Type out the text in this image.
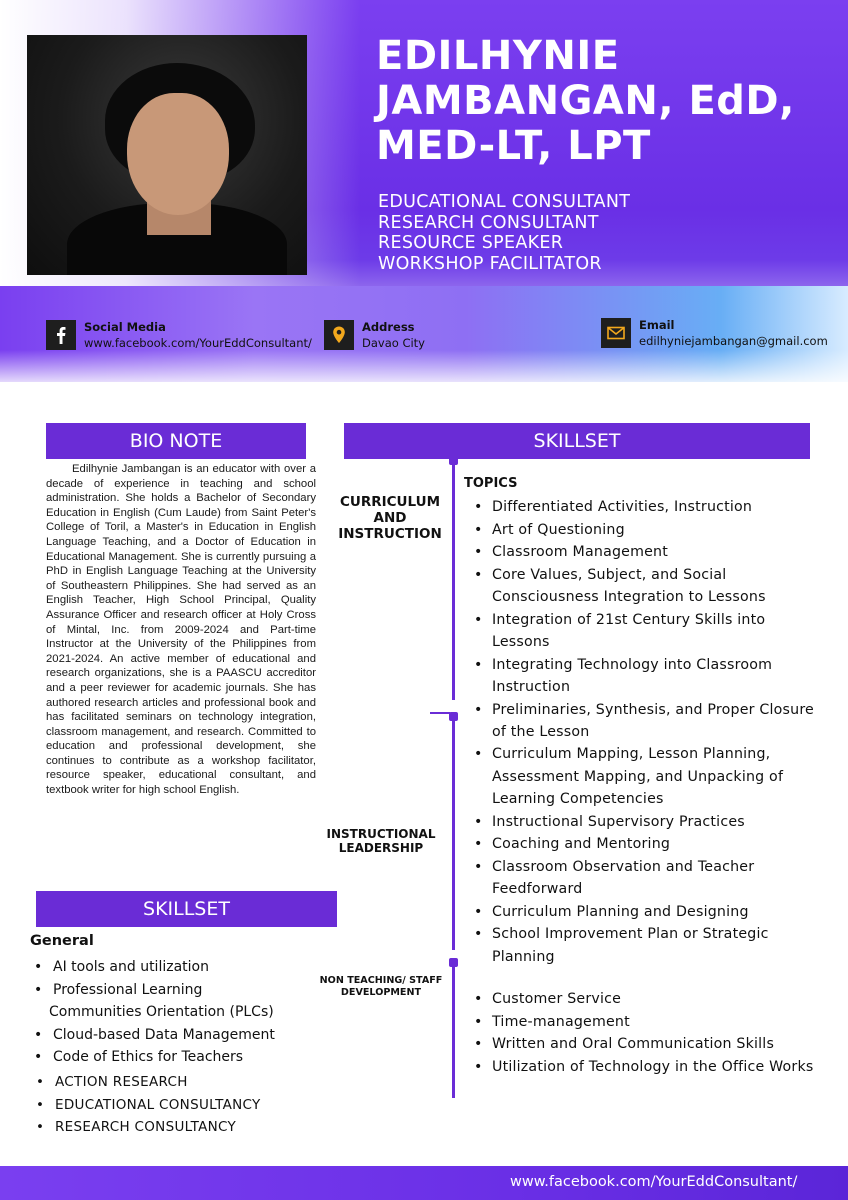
EDILHYNIE JAMBANGAN, EdD, MED-LT, LPT
EDUCATIONAL CONSULTANT
RESEARCH CONSULTANT
RESOURCE SPEAKER
WORKSHOP FACILITATOR
Social Media
www.facebook.com/YourEddConsultant/
Address
Davao City
Email
edilhyniejambangan@gmail.com
BIO NOTE
Edilhynie Jambangan is an educator with over a decade of experience in teaching and school administration. She holds a Bachelor of Secondary Education in English (Cum Laude) from Saint Peter's College of Toril, a Master's in Education in English Language Teaching, and a Doctor of Education in Educational Management. She is currently pursuing a PhD in English Language Teaching at the University of Southeastern Philippines. She had served as an English Teacher, High School Principal, Quality Assurance Officer and research officer at Holy Cross of Mintal, Inc. from 2009-2024 and Part-time Instructor at the University of the Philippines from 2021-2024. An active member of educational and research organizations, she is a PAASCU accreditor and a peer reviewer for academic journals. She has authored research articles and professional book and has facilitated seminars on technology integration, classroom management, and research. Committed to education and professional development, she continues to contribute as a workshop facilitator, resource speaker, educational consultant, and textbook writer for high school English.
SKILLSET
General
• AI tools and utilization
• Professional Learning
Communities Orientation (PLCs)
• Cloud-based Data Management
• Code of Ethics for Teachers
• ACTION RESEARCH
• EDUCATIONAL CONSULTANCY
• RESEARCH CONSULTANCY
SKILLSET
TOPICS
CURRICULUM AND INSTRUCTION
INSTRUCTIONAL LEADERSHIP
NON TEACHING/ STAFF DEVELOPMENT
• Differentiated Activities, Instruction
• Art of Questioning
• Classroom Management
• Core Values, Subject, and Social Consciousness Integration to Lessons
• Integration of 21st Century Skills into Lessons
• Integrating Technology into Classroom Instruction
• Preliminaries, Synthesis, and Proper Closure of the Lesson
• Curriculum Mapping, Lesson Planning, Assessment Mapping, and Unpacking of Learning Competencies
• Instructional Supervisory Practices
• Coaching and Mentoring
• Classroom Observation and Teacher Feedforward
• Curriculum Planning and Designing
• School Improvement Plan or Strategic Planning
• Customer Service
• Time-management
• Written and Oral Communication Skills
• Utilization of Technology in the Office Works
www.facebook.com/YourEddConsultant/
